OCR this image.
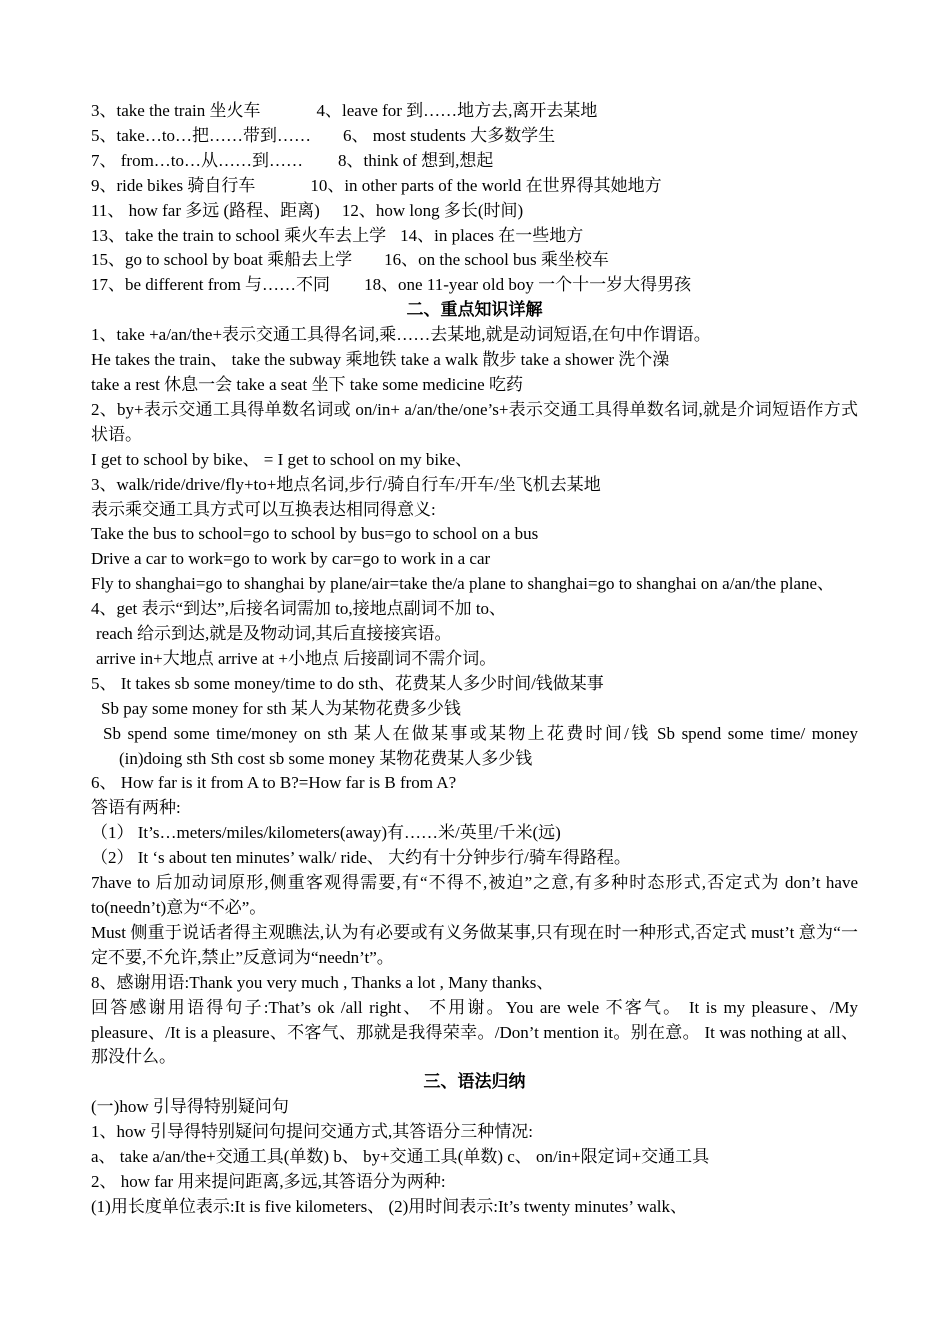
3、take the train 坐火车	4、leave for 到……地方去,离开去某地
5、take…to…把……带到…… 6、 most students 大多数学生
7、 from…to…从……到…… 8、think of 想到,想起
9、ride bikes 骑自行车	10、in other parts of the world 在世界得其她地方
11、 how far 多远 (路程、距离) 12、how long 多长(时间)
13、take the train to school 乘火车去上学 14、in places 在一些地方
15、go to school by boat 乘船去上学 16、on the school bus 乘坐校车
17、be different from 与……不同 18、one 11-year old boy 一个十一岁大得男孩
二、重点知识详解
1、take +a/an/the+表示交通工具得名词,乘……去某地,就是动词短语,在句中作谓语。
He takes the train、 take the subway 乘地铁 take a walk 散步 take a shower 洗个澡
take a rest 休息一会 take a seat 坐下 take some medicine 吃药
2、by+表示交通工具得单数名词或 on/in+ a/an/the/one’s+表示交通工具得单数名词,就是介词短语作方式状语。
I get to school by bike、 = I get to school on my bike、
3、walk/ride/drive/fly+to+地点名词,步行/骑自行车/开车/坐飞机去某地
表示乘交通工具方式可以互换表达相同得意义:
Take the bus to school=go to school by bus=go to school on a bus
Drive a car to work=go to work by car=go to work in a car
Fly to shanghai=go to shanghai by plane/air=take the/a plane to shanghai=go to shanghai on a/an/the plane、
4、get 表示“到达”,后接名词需加 to,接地点副词不加 to、
reach 给示到达,就是及物动词,其后直接接宾语。
arrive in+大地点 arrive at +小地点 后接副词不需介词。
5、 It takes sb some money/time to do sth、花费某人多少时间/钱做某事
Sb pay some money for sth 某人为某物花费多少钱
Sb spend some time/money on sth 某人在做某事或某物上花费时间/钱 Sb spend some time/ money (in)doing sth Sth cost sb some money 某物花费某人多少钱
6、 How far is it from A to B?=How far is B from A?
答语有两种:
（1） It’s…meters/miles/kilometers(away)有……米/英里/千米(远)
（2） It ‘s about ten minutes’ walk/ ride、 大约有十分钟步行/骑车得路程。
7have to 后加动词原形,侧重客观得需要,有“不得不,被迫”之意,有多种时态形式,否定式为 don’t have to(needn’t)意为“不必”。
Must 侧重于说话者得主观瞧法,认为有必要或有义务做某事,只有现在时一种形式,否定式 must’t 意为“一定不要,不允许,禁止”反意词为“needn’t”。
8、感谢用语:Thank you very much , Thanks a lot , Many thanks、
回答感谢用语得句子:That’s ok /all right、 不用谢。You are wele 不客气。 It is my pleasure、/My pleasure、/It is a pleasure、不客气、那就是我得荣幸。/Don’t mention it。别在意。 It was nothing at all、那没什么。
三、语法归纳
(一)how 引导得特别疑问句
1、how 引导得特别疑问句提问交通方式,其答语分三种情况:
a、 take a/an/the+交通工具(单数) b、 by+交通工具(单数) c、 on/in+限定词+交通工具
2、 how far 用来提问距离,多远,其答语分为两种:
(1)用长度单位表示:It is five kilometers、 (2)用时间表示:It’s twenty minutes’ walk、
